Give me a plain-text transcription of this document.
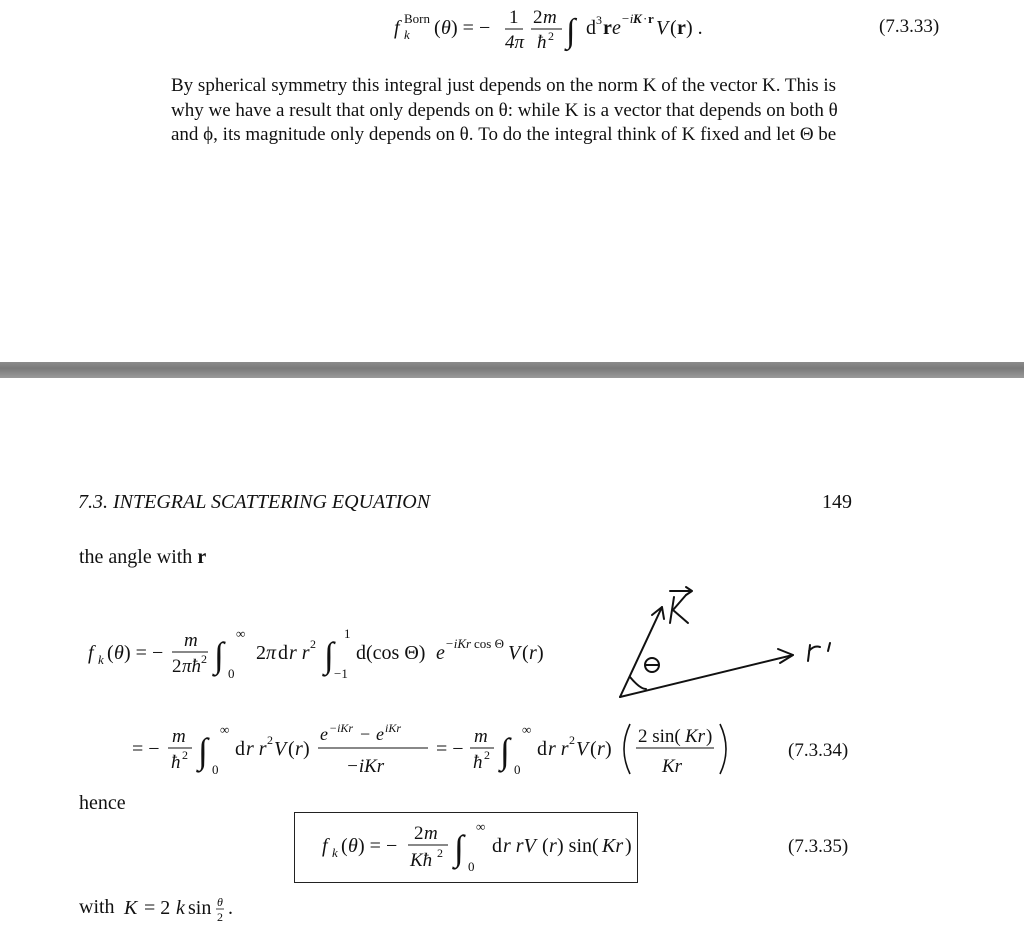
f Born
k ( θ ) = − 1
4π
2 m
ħ 2 ∫ d 3 r e −i K · r V ( r ) .	(7.3.33)
By spherical symmetry this integral just depends on the norm K of the vector K. This is
why we have a result that only depends on θ: while K is a vector that depends on both θ
and ϕ, its magnitude only depends on θ. To do the integral think of K fixed and let Θ be
7.3. INTEGRAL SCATTERING EQUATION	149
the angle with r
f k ( θ ) = −
m
2 πħ 2 ∫
∞
0
2 π d r r 2 ∫
1
−1
d(cos Θ) e −iKr cos Θ V ( r )
= −
m
ħ 2 ∫
∞
0
d r r 2 V ( r )
e −iKr − e iKr
−iKr
= −
m
ħ 2 ∫
∞
0
d r r 2 V ( r )
2 sin( Kr )
Kr
(7.3.34)
hence
f k ( θ ) = −
2 m
Kħ 2 ∫
∞
0
d r rV ( r ) sin( Kr )	(7.3.35)
with K = 2 k sin θ
2 .
